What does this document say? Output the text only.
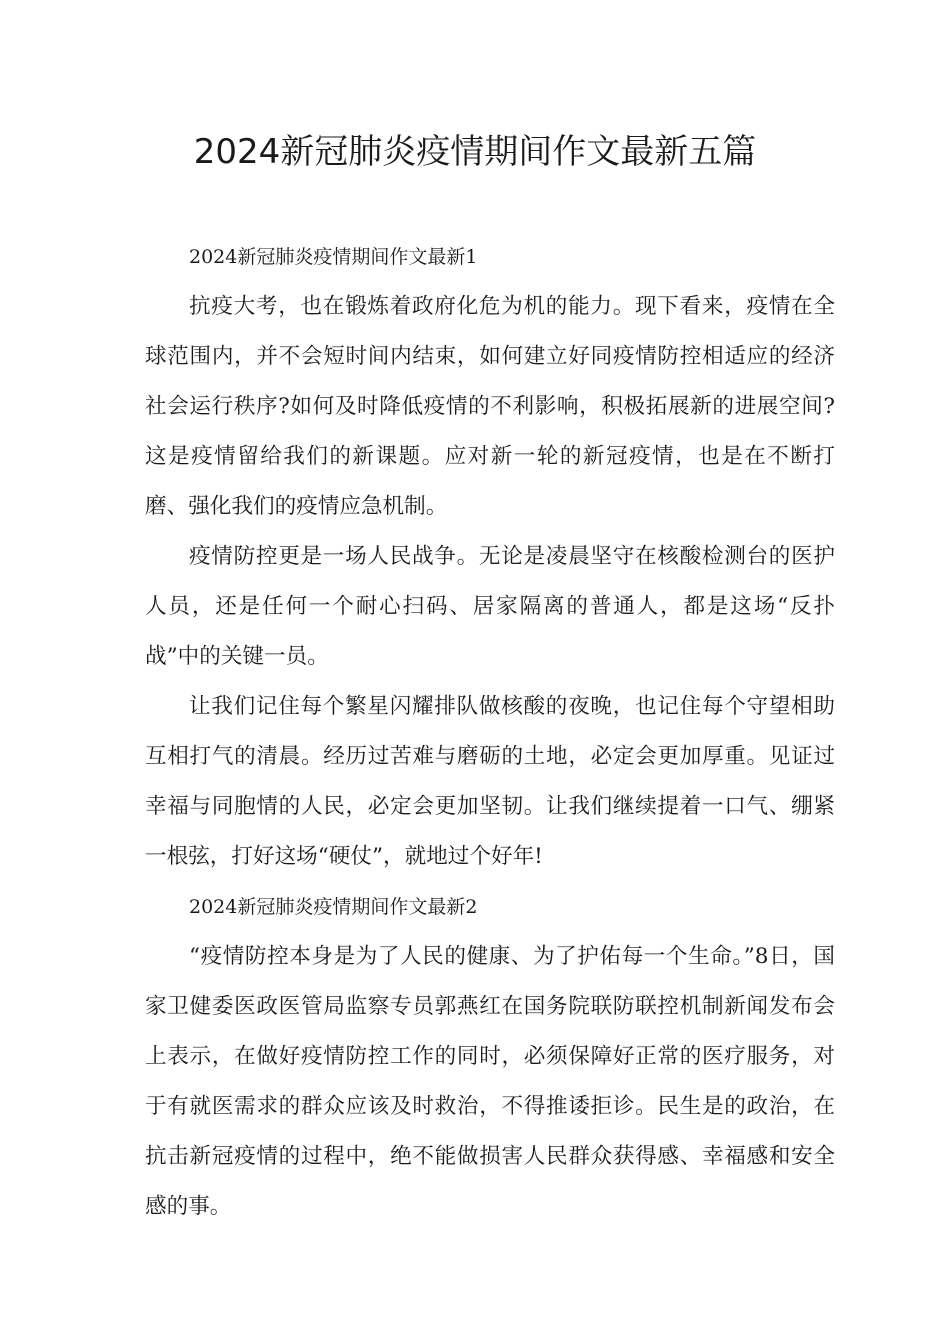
2024新冠肺炎疫情期间作文最新五篇
2024新冠肺炎疫情期间作文最新1

抗疫大考，也在锻炼着政府化危为机的能力。现下看来，疫情在全球范围内，并不会短时间内结束，如何建立好同疫情防控相适应的经济社会运行秩序?如何及时降低疫情的不利影响，积极拓展新的进展空间?这是疫情留给我们的新课题。应对新一轮的新冠疫情，也是在不断打磨、强化我们的疫情应急机制。

疫情防控更是一场人民战争。无论是凌晨坚守在核酸检测台的医护人员，还是任何一个耐心扫码、居家隔离的普通人，都是这场“反扑战”中的关键一员。

让我们记住每个繁星闪耀排队做核酸的夜晚，也记住每个守望相助互相打气的清晨。经历过苦难与磨砺的土地，必定会更加厚重。见证过幸福与同胞情的人民，必定会更加坚韧。让我们继续提着一口气、绷紧一根弦，打好这场“硬仗”，就地过个好年!

2024新冠肺炎疫情期间作文最新2

“疫情防控本身是为了人民的健康、为了护佑每一个生命。”8日，国家卫健委医政医管局监察专员郭燕红在国务院联防联控机制新闻发布会上表示，在做好疫情防控工作的同时，必须保障好正常的医疗服务，对于有就医需求的群众应该及时救治，不得推诿拒诊。民生是的政治，在抗击新冠疫情的过程中，绝不能做损害人民群众获得感、幸福感和安全感的事。
